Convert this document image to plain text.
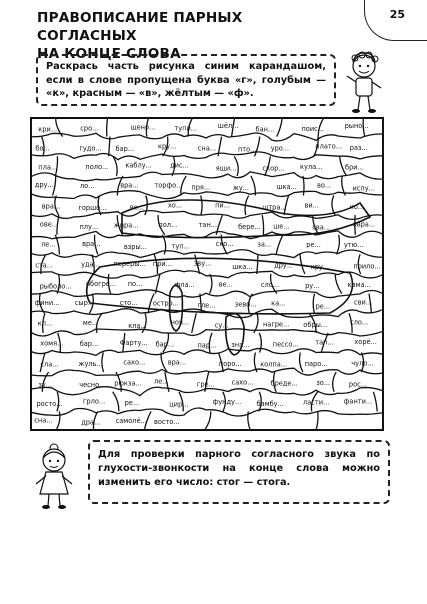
25
ПРАВОПИСАНИЕ ПАРНЫХ СОГЛАСНЫХ
НА КОНЦЕ СЛОВА
Раскрась часть рисунка синим карандашом, если в слове пропущена буква «г», голубым — «к», красным — «в», жёлтым — «ф».
кри...	сро...	щено...	тупи...	шёл...	бан...	поис...	рыно...
бо...	гудо... бар...	кру...	сна...	пто... уро...	плато... раз...
пла...	поло...	каблу...	дис...	ящи...	скор... кула...	бри...
дру...	ло...	вра... торфо... пря...	жу...	шка...	во...	испу...
вра...	горшо...	ве...	хо...	пи...	штра...	ви...	ко...
ове...	плу... жира...	пол...	тан...	бере... ше...	сва...	овра...
ле...	вра...	взры...	туп...	ско...	за...	ре...	утю...
ста...	уда... переры... при...	зву...	шка...	дру...	кру...	прило...
рыболо... обогре... по...	фла...	ве...	сло...	ру...	кама...
фини... сыр...	сто... остро...	гле...	зево... ка...	ре...	сви...
кл...	ме...	кла...	ноч...	су...	нагре... обры...	сло...
хомя... бар...	Фарту... бар...	пар... зна...	пессо...	тап...	хорё...
сла...	жуль...	сахо...	вра...	поро...	колпа...	паро...	чуло...
зу...	чесно... рюкза... ле...	гре...	сахо...	бреде...	зо...	рос...
росто...	грло...	ре...	цир...	фунду... бамбу...	ласти... фанти...
сна...	дра... самолё... восто...
Для проверки парного согласного звука по глухости-звонкости на конце слова можно изменить его число: стог — стога.
